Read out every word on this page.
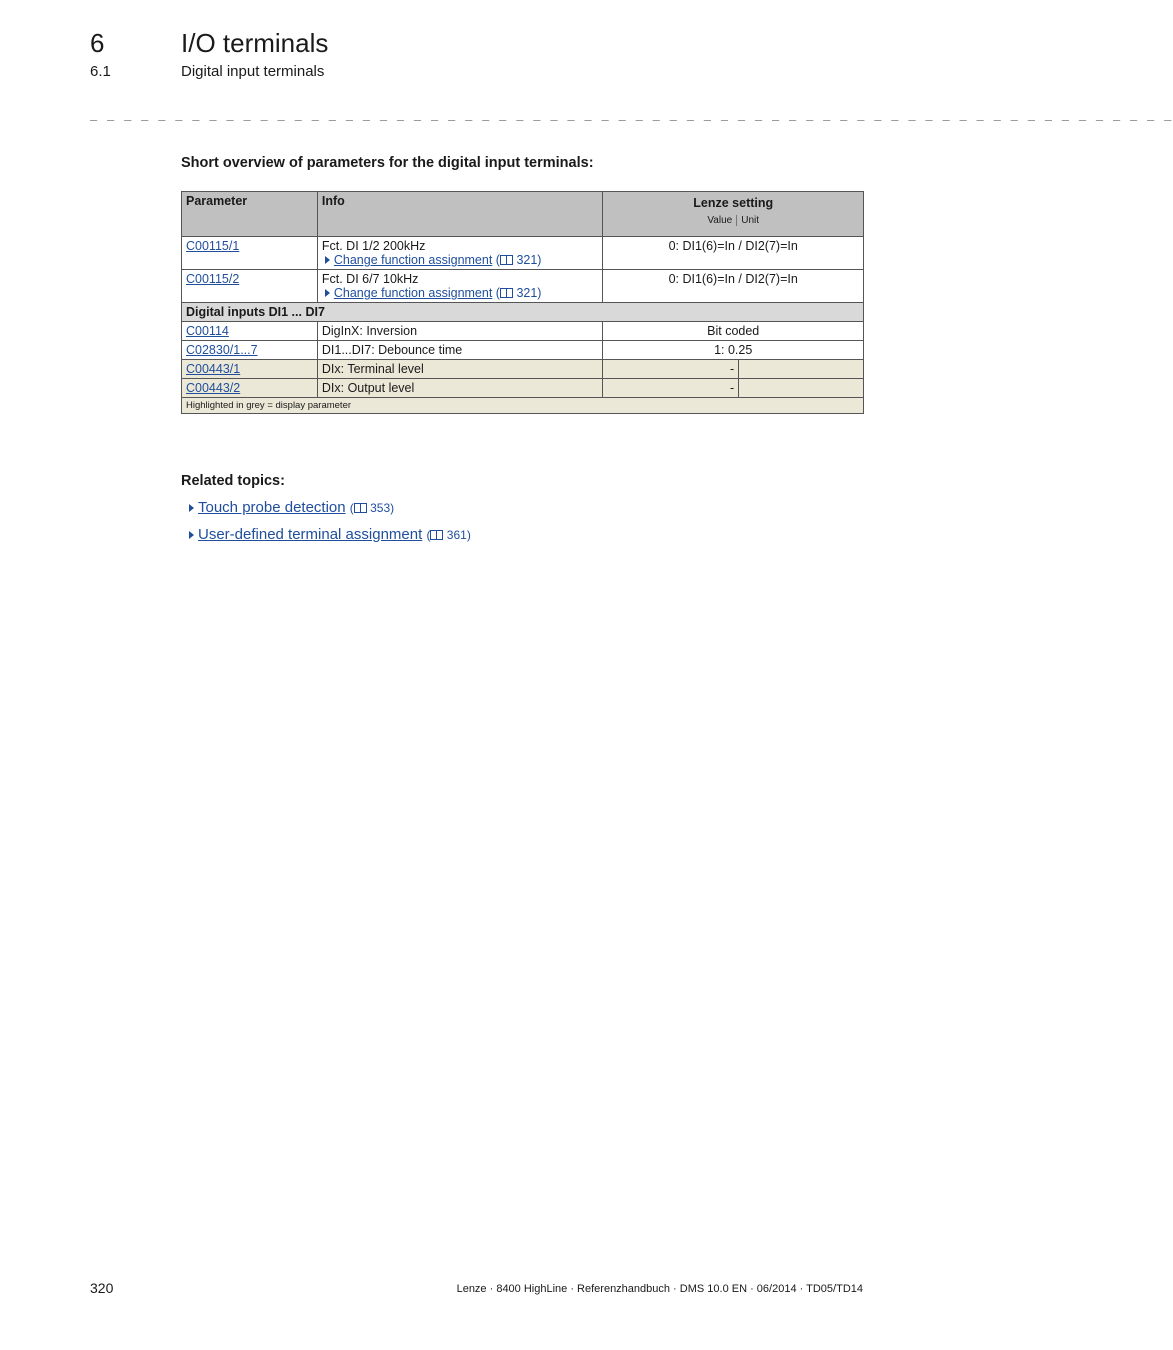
6	I/O terminals
6.1	Digital input terminals
_ _ _ _ _ _ _ _ _ _ _ _ _ _ _ _ _ _ _ _ _ _ _ _ _ _ _ _ _ _ _ _ _ _ _ _ _ _ _ _ _ _ _ _ _ _ _ _ _ _ _ _ _ _ _ _ _ _ _ _ _ _ _ _
Short overview of parameters for the digital input terminals:
Parameter	Info	Lenze setting
Value Unit	

C00115/1	Fct. DI 1/2 200kHz
Change function assignment ( 321)	0: DI1(6)=In / DI2(7)=In	
C00115/2	Fct. DI 6/7 10kHz
Change function assignment ( 321)	0: DI1(6)=In / DI2(7)=In	
Digital inputs DI1 ... DI7			
C00114	DigInX: Inversion	Bit coded	
C02830/1...7	DI1...DI7: Debounce time	1: 0.25	
C00443/1	DIx: Terminal level	-	
C00443/2	DIx: Output level	-	
Highlighted in grey = display parameter			
Related topics:
Touch probe detection ( 353)
User-defined terminal assignment ( 361)
320	Lenze · 8400 HighLine · Referenzhandbuch · DMS 10.0 EN · 06/2014 · TD05/TD14
